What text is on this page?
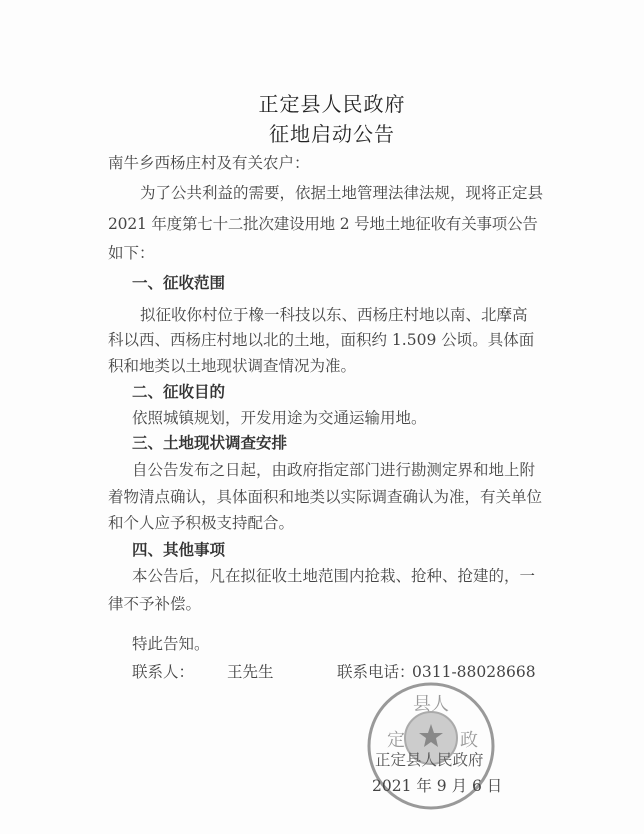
正定县人民政府
征地启动公告
南牛乡西杨庄村及有关农户：
为了公共利益的需要，依据土地管理法律法规，现将正定县
2021 年度第七十二批次建设用地 2 号地土地征收有关事项公告
如下：
一、征收范围
拟征收你村位于橡一科技以东、西杨庄村地以南、北摩高
科以西、西杨庄村地以北的土地，面积约 1.509 公顷。具体面
积和地类以土地现状调查情况为准。
二、征收目的
依照城镇规划，开发用途为交通运输用地。
三、土地现状调查安排
自公告发布之日起，由政府指定部门进行勘测定界和地上附
着物清点确认，具体面积和地类以实际调查确认为准，有关单位
和个人应予积极支持配合。
四、其他事项
本公告后，凡在拟征收土地范围内抢栽、抢种、抢建的，一
律不予补偿。
特此告知。
联系人： 王先生	联系电话：
0311-88028668
县人
定	政
正定县人民政府
2021 年 9 月 6 日
